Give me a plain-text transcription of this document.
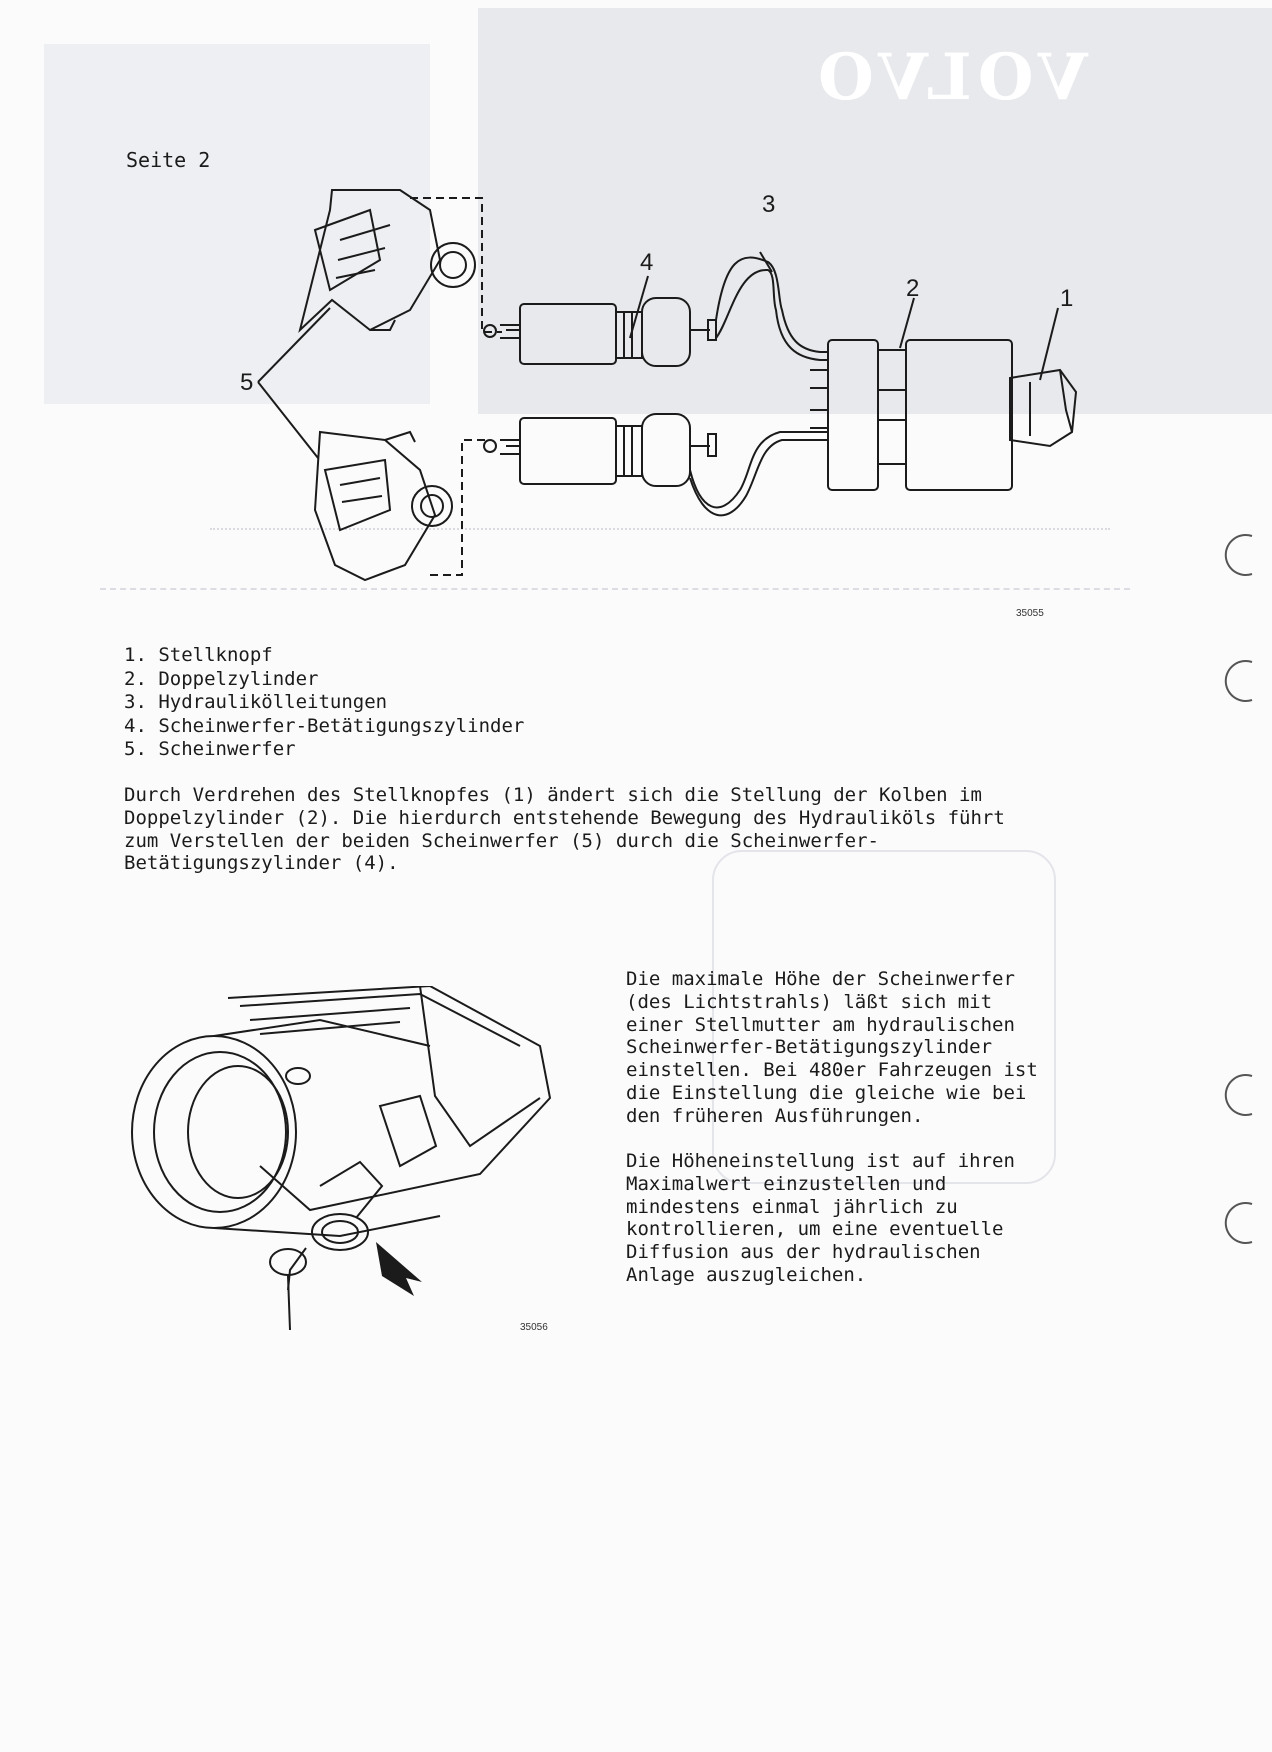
VOLVO
Seite 2
1
2
3
4
5
35055
1. Stellknopf
2. Doppelzylinder
3. Hydraulikölleitungen
4. Scheinwerfer-Betätigungszylinder
5. Scheinwerfer
Durch Verdrehen des Stellknopfes (1) ändert sich die Stellung der Kolben im
Doppelzylinder (2). Die hierdurch entstehende Bewegung des Hydrauliköls führt
zum Verstellen der beiden Scheinwerfer (5) durch die Scheinwerfer-
Betätigungszylinder (4).
35056
Die maximale Höhe der Scheinwerfer
(des Lichtstrahls) läßt sich mit
einer Stellmutter am hydraulischen
Scheinwerfer-Betätigungszylinder
einstellen. Bei 480er Fahrzeugen ist
die Einstellung die gleiche wie bei
den früheren Ausführungen.
Die Höheneinstellung ist auf ihren
Maximalwert einzustellen und
mindestens einmal jährlich zu
kontrollieren, um eine eventuelle
Diffusion aus der hydraulischen
Anlage auszugleichen.
